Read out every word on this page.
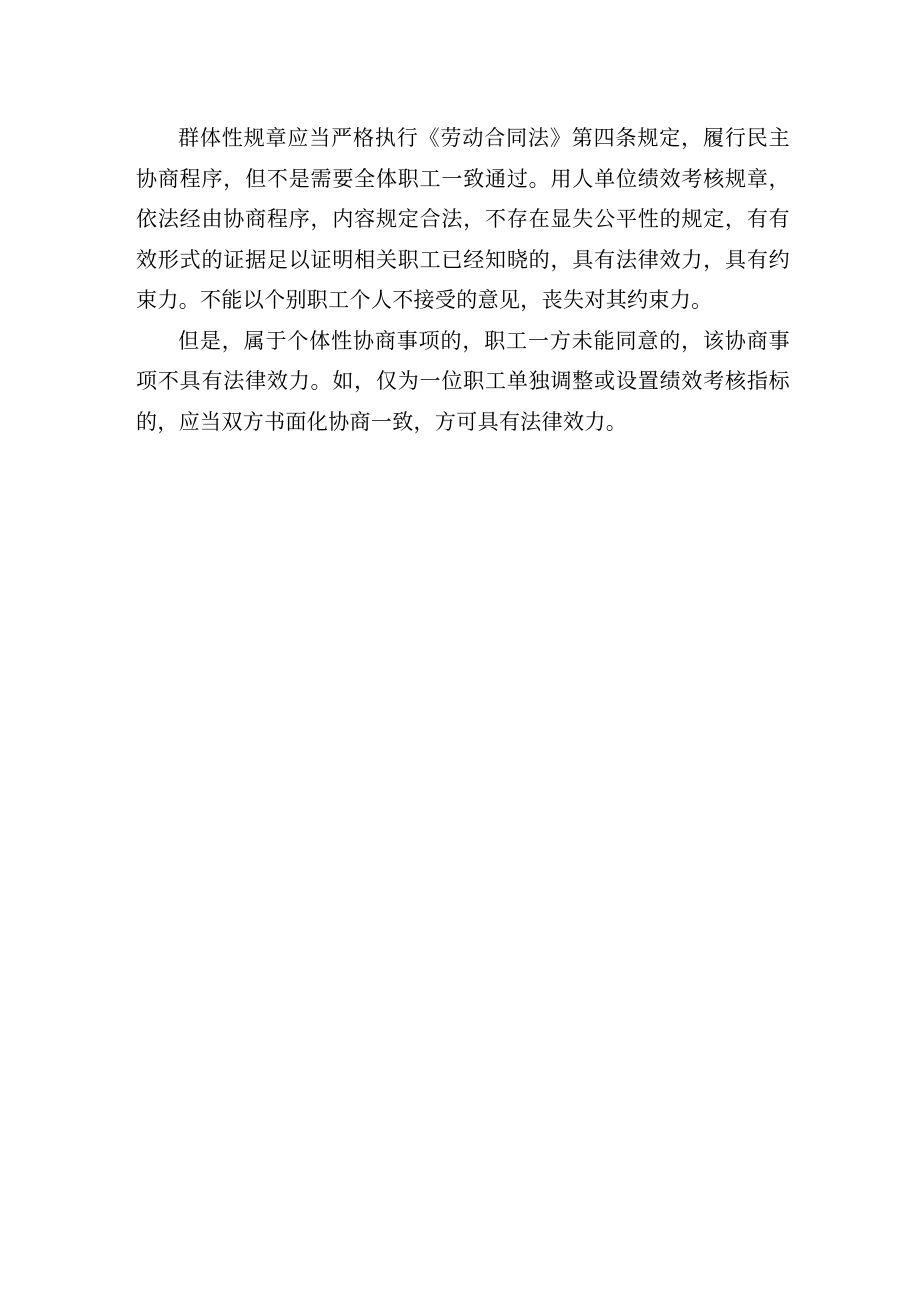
群体性规章应当严格执行《劳动合同法》第四条规定，履行民主协商程序，但不是需要全体职工一致通过。用人单位绩效考核规章，依法经由协商程序，内容规定合法，不存在显失公平性的规定，有有效形式的证据足以证明相关职工已经知晓的，具有法律效力，具有约束力。不能以个别职工个人不接受的意见，丧失对其约束力。

但是，属于个体性协商事项的，职工一方未能同意的，该协商事项不具有法律效力。如，仅为一位职工单独调整或设置绩效考核指标的，应当双方书面化协商一致，方可具有法律效力。
